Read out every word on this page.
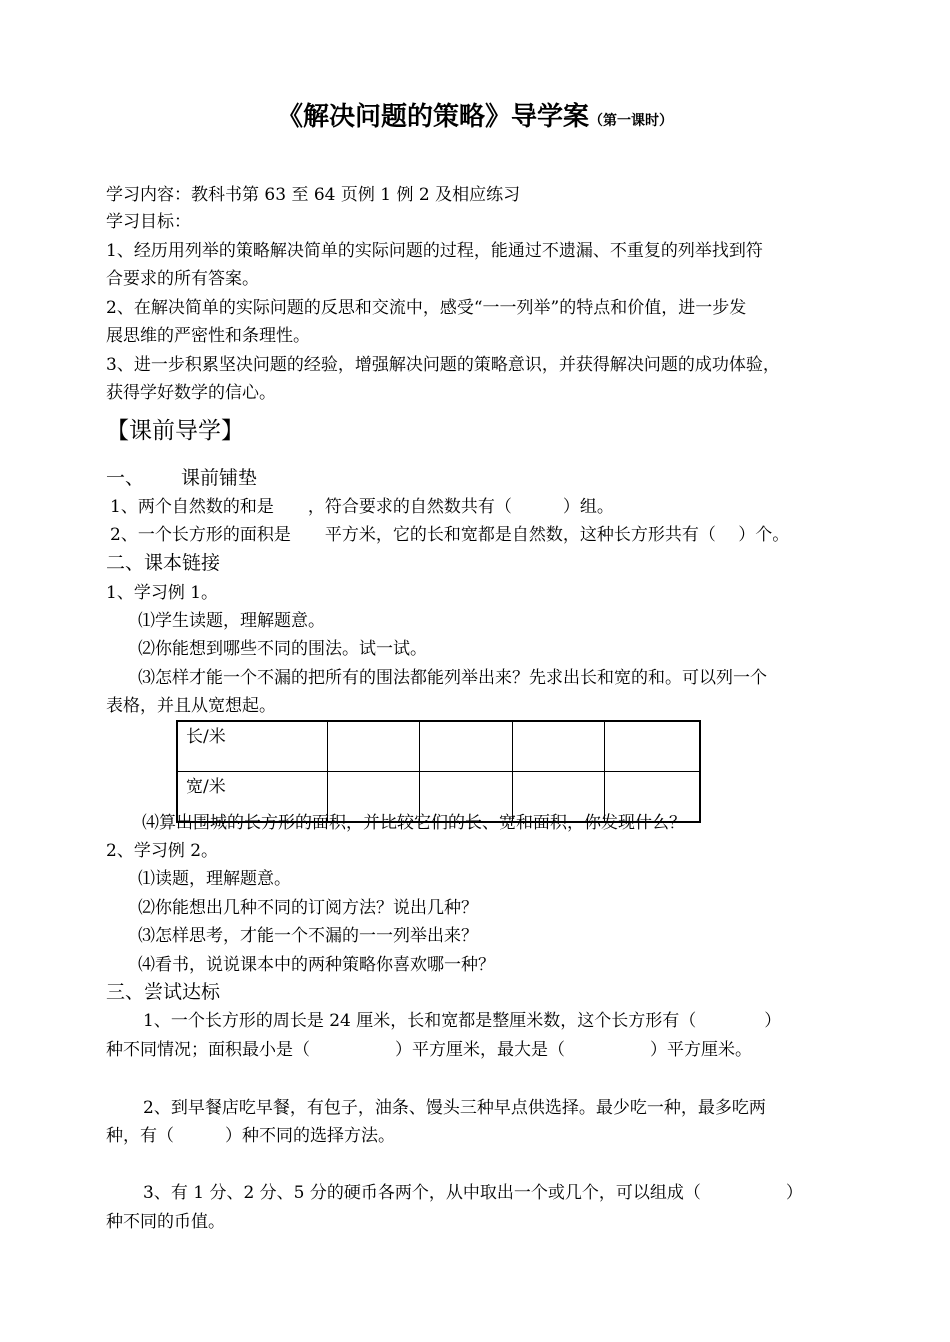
《解决问题的策略》导学案（第一课时）
学习内容：教科书第 63 至 64 页例 1 例 2 及相应练习
学习目标：
1、经历用列举的策略解决简单的实际问题的过程，能通过不遗漏、不重复的列举找到符
合要求的所有答案。
2、在解决简单的实际问题的反思和交流中，感受“一一列举”的特点和价值，进一步发
展思维的严密性和条理性。
3、进一步积累坚决问题的经验，增强解决问题的策略意识，并获得解决问题的成功体验，
获得学好数学的信心。
【课前导学】
一、 课前铺垫
1、两个自然数的和是　　，符合要求的自然数共有（　　　）组。
2、一个长方形的面积是　　平方米，它的长和宽都是自然数，这种长方形共有（　 ）个。
二、课本链接
1、学习例 1。
⑴学生读题，理解题意。
⑵你能想到哪些不同的围法。试一试。
⑶怎样才能一个不漏的把所有的围法都能列举出来？先求出长和宽的和。可以列一个
表格，并且从宽想起。
长/米				
宽/米				
⑷算出围城的长方形的面积，并比较它们的长、宽和面积，你发现什么？
2、学习例 2。
⑴读题，理解题意。
⑵你能想出几种不同的订阅方法？说出几种？
⑶怎样思考，才能一个不漏的一一列举出来？
⑷看书，说说课本中的两种策略你喜欢哪一种？
三、尝试达标
1、一个长方形的周长是 24 厘米，长和宽都是整厘米数，这个长方形有（　　　　）
种不同情况；面积最小是（　　　　　）平方厘米，最大是（　　　　　）平方厘米。
2、到早餐店吃早餐，有包子，油条、馒头三种早点供选择。最少吃一种，最多吃两
种，有（　　　）种不同的选择方法。
3、有 1 分、2 分、5 分的硬币各两个，从中取出一个或几个，可以组成（　　　　　）
种不同的币值。
